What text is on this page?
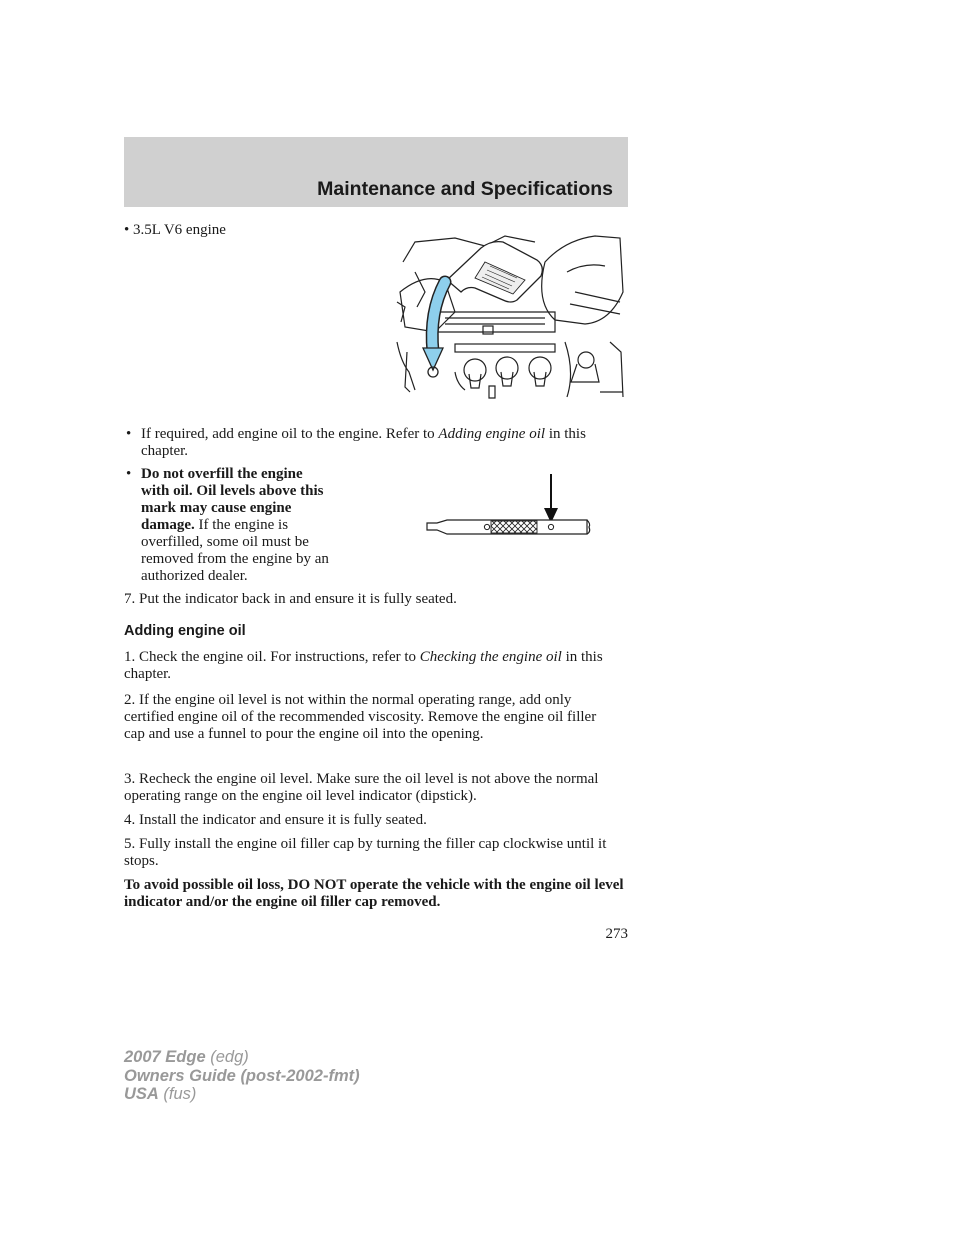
Maintenance and Specifications
• 3.5L V6 engine
• If required, add engine oil to the engine. Refer to Adding engine oil in this chapter.
• Do not overfill the engine
with oil. Oil levels above this
mark may cause engine
damage. If the engine is
overfilled, some oil must be
removed from the engine by an
authorized dealer.
7. Put the indicator back in and ensure it is fully seated.
Adding engine oil
1. Check the engine oil. For instructions, refer to Checking the engine oil in this chapter.
2. If the engine oil level is not within the normal operating range, add only certified engine oil of the recommended viscosity. Remove the engine oil filler cap and use a funnel to pour the engine oil into the opening.
3. Recheck the engine oil level. Make sure the oil level is not above the normal operating range on the engine oil level indicator (dipstick).
4. Install the indicator and ensure it is fully seated.
5. Fully install the engine oil filler cap by turning the filler cap clockwise until it stops.
To avoid possible oil loss, DO NOT operate the vehicle with the engine oil level indicator and/or the engine oil filler cap removed.
273
2007 Edge (edg)
Owners Guide (post-2002-fmt)
USA (fus)
